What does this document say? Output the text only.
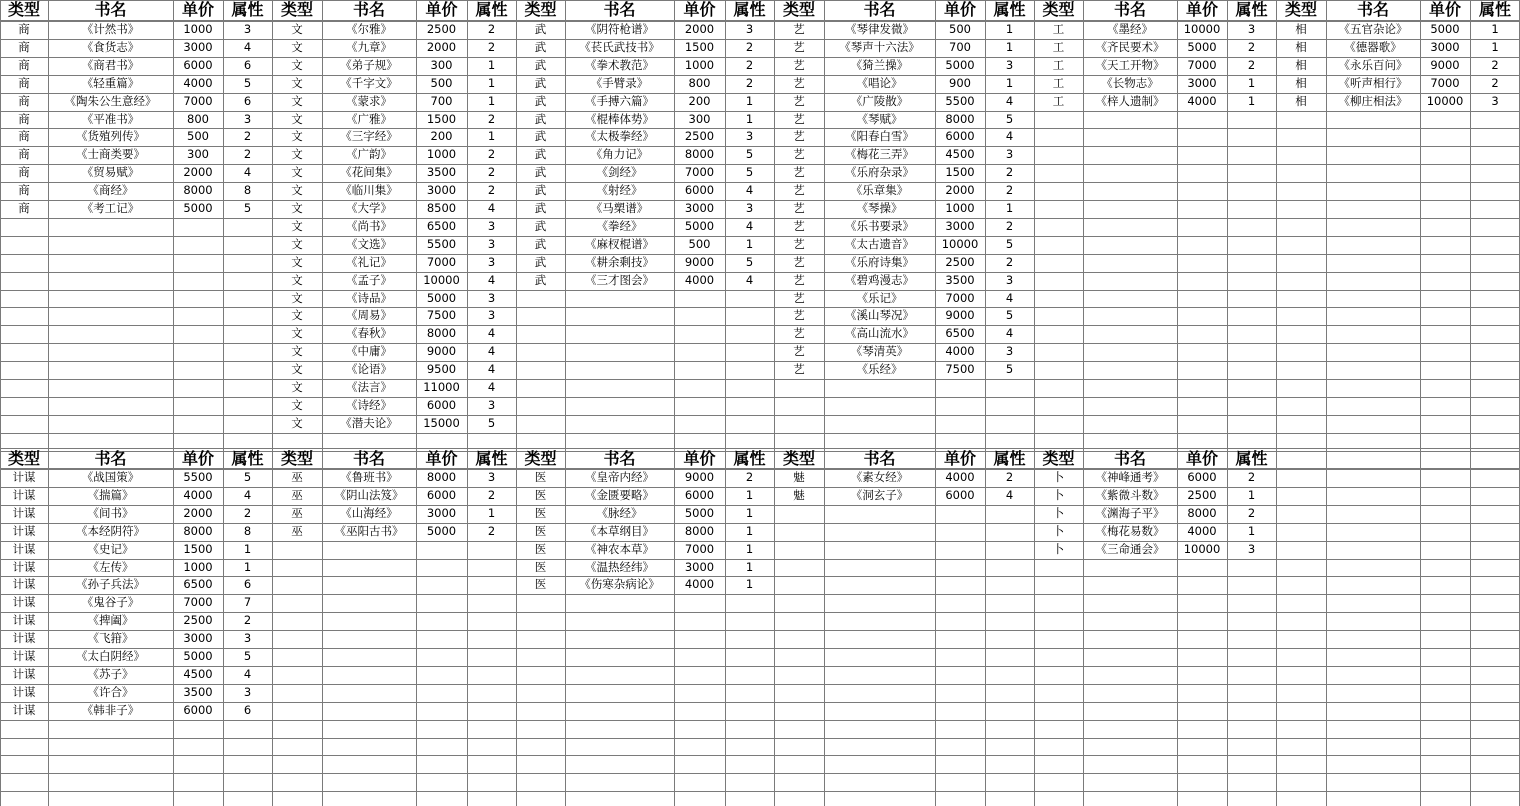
类型	书名	单价	属性
商	《计然书》	1000	3
商	《食货志》	3000	4
商	《商君书》	6000	6
商	《轻重篇》	4000	5
商	《陶朱公生意经》	7000	6
商	《平准书》	800	3
商	《货殖列传》	500	2
商	《士商类要》	300	2
商	《贸易赋》	2000	4
商	《商经》	8000	8
商	《考工记》	5000	5
类型	书名	单价	属性
文	《尔雅》	2500	2
文	《九章》	2000	2
文	《弟子规》	300	1
文	《千字文》	500	1
文	《蒙求》	700	1
文	《广雅》	1500	2
文	《三字经》	200	1
文	《广韵》	1000	2
文	《花间集》	3500	2
文	《临川集》	3000	2
文	《大学》	8500	4
文	《尚书》	6500	3
文	《文选》	5500	3
文	《礼记》	7000	3
文	《孟子》	10000	4
文	《诗品》	5000	3
文	《周易》	7500	3
文	《春秋》	8000	4
文	《中庸》	9000	4
文	《论语》	9500	4
文	《法言》	11000	4
文	《诗经》	6000	3
文	《潜夫论》	15000	5
类型	书名	单价	属性
武	《阴符枪谱》	2000	3
武	《苌氏武技书》	1500	2
武	《拳术教范》	1000	2
武	《手臂录》	800	2
武	《手搏六篇》	200	1
武	《棍棒体势》	300	1
武	《太极拳经》	2500	3
武	《角力记》	8000	5
武	《剑经》	7000	5
武	《射经》	6000	4
武	《马槊谱》	3000	3
武	《拳经》	5000	4
武	《麻杈棍谱》	500	1
武	《耕余剩技》	9000	5
武	《三才图会》	4000	4
类型	书名	单价	属性
艺	《琴律发微》	500	1
艺	《琴声十六法》	700	1
艺	《猗兰操》	5000	3
艺	《唱论》	900	1
艺	《广陵散》	5500	4
艺	《琴赋》	8000	5
艺	《阳春白雪》	6000	4
艺	《梅花三弄》	4500	3
艺	《乐府杂录》	1500	2
艺	《乐章集》	2000	2
艺	《琴操》	1000	1
艺	《乐书要录》	3000	2
艺	《太古遗音》	10000	5
艺	《乐府诗集》	2500	2
艺	《碧鸡漫志》	3500	3
艺	《乐记》	7000	4
艺	《溪山琴况》	9000	5
艺	《高山流水》	6500	4
艺	《琴清英》	4000	3
艺	《乐经》	7500	5
类型	书名	单价	属性
工	《墨经》	10000	3
工	《齐民要术》	5000	2
工	《天工开物》	7000	2
工	《长物志》	3000	1
工	《梓人遗制》	4000	1
类型	书名	单价	属性
相	《五官杂论》	5000	1
相	《德器歌》	3000	1
相	《永乐百问》	9000	2
相	《听声相行》	7000	2
相	《柳庄相法》	10000	3
类型	书名	单价	属性
计谋	《战国策》	5500	5
计谋	《揣篇》	4000	4
计谋	《间书》	2000	2
计谋	《本经阴符》	8000	8
计谋	《史记》	1500	1
计谋	《左传》	1000	1
计谋	《孙子兵法》	6500	6
计谋	《鬼谷子》	7000	7
计谋	《捭阖》	2500	2
计谋	《飞箝》	3000	3
计谋	《太白阴经》	5000	5
计谋	《苏子》	4500	4
计谋	《许合》	3500	3
计谋	《韩非子》	6000	6
类型	书名	单价	属性
巫	《鲁班书》	8000	3
巫	《阴山法笈》	6000	2
巫	《山海经》	3000	1
巫	《巫阳古书》	5000	2
类型	书名	单价	属性
医	《皇帝内经》	9000	2
医	《金匮要略》	6000	1
医	《脉经》	5000	1
医	《本草纲目》	8000	1
医	《神农本草》	7000	1
医	《温热经纬》	3000	1
医	《伤寒杂病论》	4000	1
类型	书名	单价	属性
魅	《素女经》	4000	2
魅	《洞玄子》	6000	4
类型	书名	单价	属性
卜	《神峰通考》	6000	2
卜	《紫微斗数》	2500	1
卜	《渊海子平》	8000	2
卜	《梅花易数》	4000	1
卜	《三命通会》	10000	3
